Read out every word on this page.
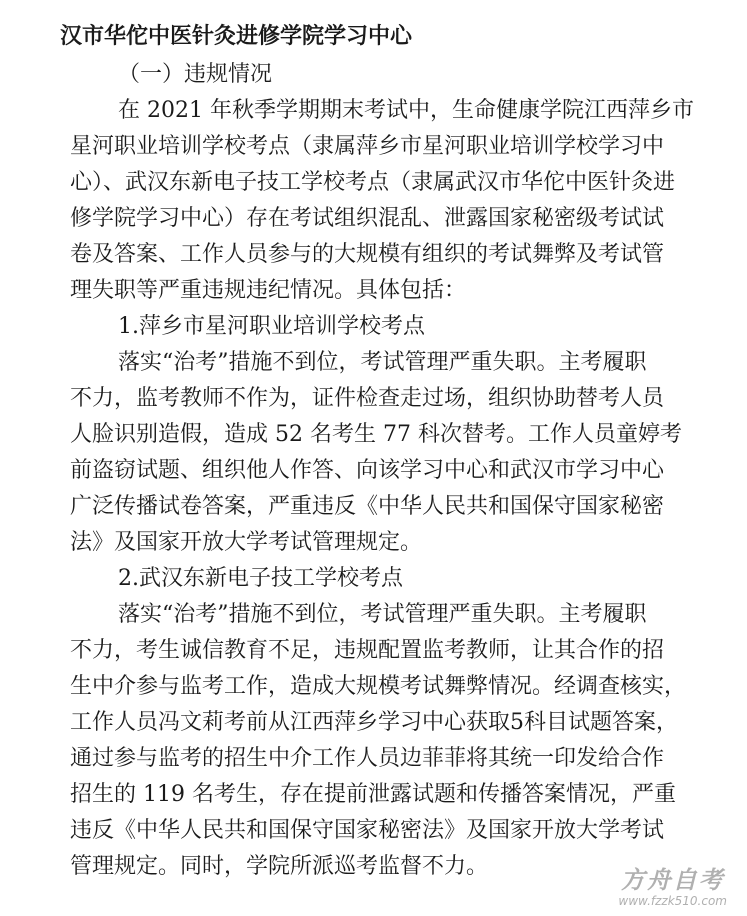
汉市华佗中医针灸进修学院学习中心
（一）违规情况
在 2021 年秋季学期期末考试中，生命健康学院江西萍乡市
星河职业培训学校考点（隶属萍乡市星河职业培训学校学习中
心）、武汉东新电子技工学校考点（隶属武汉市华佗中医针灸进
修学院学习中心）存在考试组织混乱、泄露国家秘密级考试试
卷及答案、工作人员参与的大规模有组织的考试舞弊及考试管
理失职等严重违规违纪情况。具体包括：
1.萍乡市星河职业培训学校考点
落实“治考”措施不到位，考试管理严重失职。主考履职
不力，监考教师不作为，证件检查走过场，组织协助替考人员
人脸识别造假，造成 52 名考生 77 科次替考。工作人员童婷考
前盗窃试题、组织他人作答、向该学习中心和武汉市学习中心
广泛传播试卷答案，严重违反《中华人民共和国保守国家秘密
法》及国家开放大学考试管理规定。
2.武汉东新电子技工学校考点
落实“治考”措施不到位，考试管理严重失职。主考履职
不力，考生诚信教育不足，违规配置监考教师，让其合作的招
生中介参与监考工作，造成大规模考试舞弊情况。经调查核实，
工作人员冯文莉考前从江西萍乡学习中心获取5科目试题答案，
通过参与监考的招生中介工作人员边菲菲将其统一印发给合作
招生的 119 名考生，存在提前泄露试题和传播答案情况，严重
违反《中华人民共和国保守国家秘密法》及国家开放大学考试
管理规定。同时，学院所派巡考监督不力。	方舟自考
www.fzzk510.com
